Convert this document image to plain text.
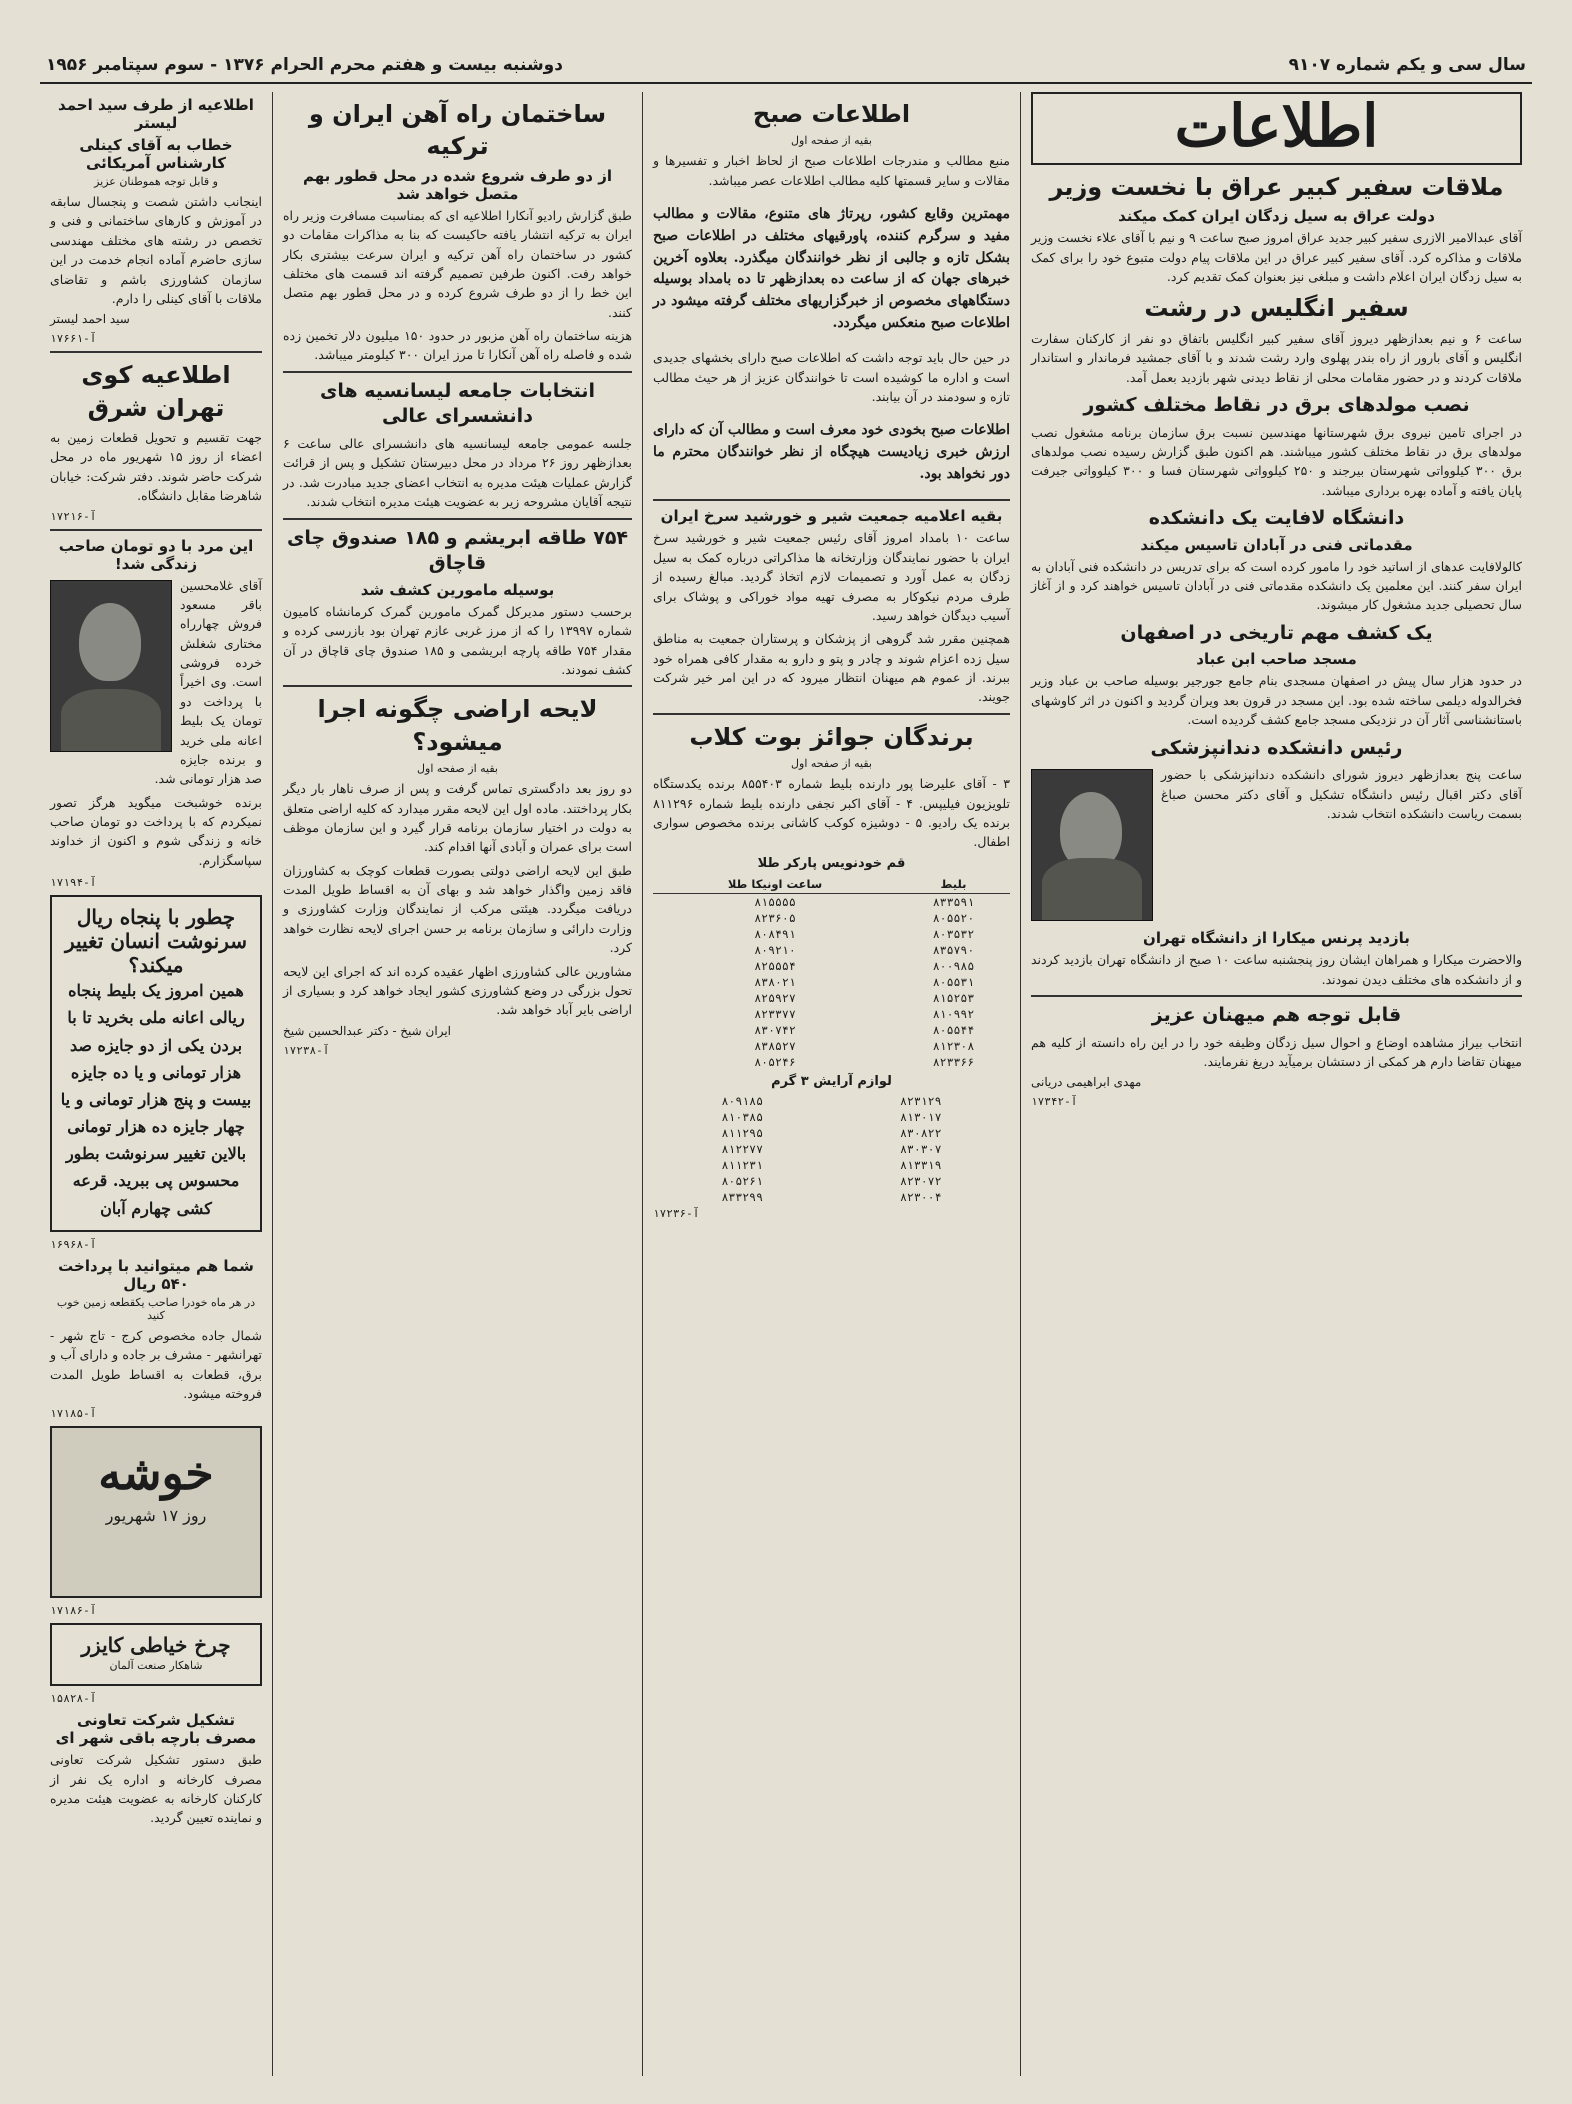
سال سی و یکم شماره ۹۱۰۷
دوشنبه بیست و هفتم محرم الحرام ۱۳۷۶ - سوم سپتامبر ۱۹۵۶
اطلاعات
ملاقات سفیر کبیر عراق با نخست وزیر
دولت عراق به سیل زدگان ایران کمک میکند

آقای عبدالامیر الازری سفیر کبیر جدید عراق امروز صبح ساعت ۹ و نیم با آقای علاء نخست وزیر ملاقات و مذاکره کرد. آقای سفیر کبیر عراق در این ملاقات پیام دولت متبوع خود را برای کمک به سیل زدگان ایران اعلام داشت و مبلغی نیز بعنوان کمک تقدیم کرد.

سفیر انگلیس در رشت

ساعت ۶ و نیم بعدازظهر دیروز آقای سفیر کبیر انگلیس باتفاق دو نفر از کارکنان سفارت انگلیس و آقای بارور از راه بندر پهلوی وارد رشت شدند و با آقای جمشید فرماندار و استاندار ملاقات کردند و در حضور مقامات محلی از نقاط دیدنی شهر بازدید بعمل آمد.

نصب مولدهای برق در نقاط مختلف کشور

در اجرای تامین نیروی برق شهرستانها مهندسین نسبت برق سازمان برنامه مشغول نصب مولدهای برق در نقاط مختلف کشور میباشند. هم اکنون طبق گزارش رسیده نصب مولدهای برق ۳۰۰ کیلوواتی شهرستان بیرجند و ۲۵۰ کیلوواتی شهرستان فسا و ۳۰۰ کیلوواتی جیرفت پایان یافته و آماده بهره برداری میباشد.

دانشگاه لافایت یک دانشکده
مقدماتی فنی در آبادان تاسیس میکند

کالولافایت عدهای از اساتید خود را مامور کرده است که برای تدریس در دانشکده فنی آبادان به ایران سفر کنند. این معلمین یک دانشکده مقدماتی فنی در آبادان تاسیس خواهند کرد و از آغاز سال تحصیلی جدید مشغول کار میشوند.

یک کشف مهم تاریخی در اصفهان
مسجد صاحب ابن عباد

در حدود هزار سال پیش در اصفهان مسجدی بنام جامع جورجیر بوسیله صاحب بن عباد وزیر فخرالدوله دیلمی ساخته شده بود. این مسجد در قرون بعد ویران گردید و اکنون در اثر کاوشهای باستانشناسی آثار آن در نزدیکی مسجد جامع کشف گردیده است.

رئیس دانشکده دندانپزشکی

ساعت پنج بعدازظهر دیروز شورای دانشکده دندانپزشکی با حضور آقای دکتر اقبال رئیس دانشگاه تشکیل و آقای دکتر محسن صباغ بسمت ریاست دانشکده انتخاب شدند.

بازدید پرنس میکارا از دانشگاه تهران

والاحضرت میکارا و همراهان ایشان روز پنجشنبه ساعت ۱۰ صبح از دانشگاه تهران بازدید کردند و از دانشکده های مختلف دیدن نمودند.

قابل توجه هم میهنان عزیز

انتخاب بیراز مشاهده اوضاع و احوال سیل زدگان وظیفه خود را در این راه دانسته از کلیه هم میهنان تقاضا دارم هر کمکی از دستشان برمیآید دریغ نفرمایند.

مهدی ابراهیمی دریانی
آ-۱۷۳۴۲
اطلاعات صبح
بقیه از صفحه اول

منبع مطالب و مندرجات اطلاعات صبح از لحاظ اخبار و تفسیرها و مقالات و سایر قسمتها کلیه مطالب اطلاعات عصر میباشد.

مهمترین وقایع کشور، رپرتاژ های متنوع، مقالات و مطالب مفید و سرگرم کننده، پاورقیهای مختلف در اطلاعات صبح بشکل تازه و جالبی از نظر خوانندگان میگذرد. بعلاوه آخرین خبرهای جهان که از ساعت ده بعدازظهر تا ده بامداد بوسیله دستگاههای مخصوص از خبرگزاریهای مختلف گرفته میشود در اطلاعات صبح منعکس میگردد.

در حین حال باید توجه داشت که اطلاعات صبح دارای بخشهای جدیدی است و اداره ما کوشیده است تا خوانندگان عزیز از هر حیث مطالب تازه و سودمند در آن بیابند.

اطلاعات صبح بخودی خود معرف است و مطالب آن که دارای ارزش خبری زیادیست هیچگاه از نظر خوانندگان محترم ما دور نخواهد بود.

بقیه اعلامیه جمعیت شیر و خورشید سرخ ایران

ساعت ۱۰ بامداد امروز آقای رئیس جمعیت شیر و خورشید سرخ ایران با حضور نمایندگان وزارتخانه ها مذاکراتی درباره کمک به سیل زدگان به عمل آورد و تصمیمات لازم اتخاذ گردید. مبالغ رسیده از طرف مردم نیکوکار به مصرف تهیه مواد خوراکی و پوشاک برای آسیب دیدگان خواهد رسید.

همچنین مقرر شد گروهی از پزشکان و پرستاران جمعیت به مناطق سیل زده اعزام شوند و چادر و پتو و دارو به مقدار کافی همراه خود ببرند. از عموم هم میهنان انتظار میرود که در این امر خیر شرکت جویند.

برندگان جوائز بوت کلاب
بقیه از صفحه اول

۳ - آقای علیرضا پور دارنده بلیط شماره ۸۵۵۴۰۳ برنده یکدستگاه تلویزیون فیلیپس. ۴ - آقای اکبر نجفی دارنده بلیط شماره ۸۱۱۲۹۶ برنده یک رادیو. ۵ - دوشیزه کوکب کاشانی برنده مخصوص سواری اطفال.

قم خودنویس پارکر طلا
ساعت اونیکا طلا	بلیط
۸۱۵۵۵۵	۸۳۳۵۹۱
۸۲۳۶۰۵	۸۰۵۵۲۰
۸۰۸۴۹۱	۸۰۳۵۳۲
۸۰۹۲۱۰	۸۳۵۷۹۰
۸۲۵۵۵۴	۸۰۰۹۸۵
۸۳۸۰۲۱	۸۰۵۵۳۱
۸۲۵۹۲۷	۸۱۵۲۵۳
۸۲۳۳۷۷	۸۱۰۹۹۲
۸۳۰۷۴۲	۸۰۵۵۴۴
۸۳۸۵۲۷	۸۱۲۳۰۸
۸۰۵۲۴۶	۸۲۳۳۶۶
لوازم آرایش ۳ گرم
۸۰۹۱۸۵	۸۲۳۱۲۹
۸۱۰۳۸۵	۸۱۳۰۱۷
۸۱۱۲۹۵	۸۳۰۸۲۲
۸۱۲۲۷۷	۸۳۰۳۰۷
۸۱۱۲۳۱	۸۱۳۳۱۹
۸۰۵۲۶۱	۸۲۳۰۷۲
۸۳۳۲۹۹	۸۲۳۰۰۴
آ-۱۷۲۳۶
ساختمان راه آهن ایران و ترکیه
از دو طرف شروع شده در محل قطور بهم متصل خواهد شد

طبق گزارش رادیو آنکارا اطلاعیه ای که بمناسبت مسافرت وزیر راه ایران به ترکیه انتشار یافته حاکیست که بنا به مذاکرات مقامات دو کشور در ساختمان راه آهن ترکیه و ایران سرعت بیشتری بکار خواهد رفت. اکنون طرفین تصمیم گرفته اند قسمت های مختلف این خط را از دو طرف شروع کرده و در محل قطور بهم متصل کنند.

هزینه ساختمان راه آهن مزبور در حدود ۱۵۰ میلیون دلار تخمین زده شده و فاصله راه آهن آنکارا تا مرز ایران ۳۰۰ کیلومتر میباشد.

انتخابات جامعه لیسانسیه های دانشسرای عالی

جلسه عمومی جامعه لیسانسیه های دانشسرای عالی ساعت ۶ بعدازظهر روز ۲۶ مرداد در محل دبیرستان تشکیل و پس از قرائت گزارش عملیات هیئت مدیره به انتخاب اعضای جدید مبادرت شد. در نتیجه آقایان مشروحه زیر به عضویت هیئت مدیره انتخاب شدند.

۷۵۴ طاقه ابریشم و ۱۸۵ صندوق چای قاچاق
بوسیله مامورین کشف شد

برحسب دستور مدیرکل گمرک مامورین گمرک کرمانشاه کامیون شماره ۱۳۹۹۷ را که از مرز غربی عازم تهران بود بازرسی کرده و مقدار ۷۵۴ طاقه پارچه ابریشمی و ۱۸۵ صندوق چای قاچاق در آن کشف نمودند.

لایحه اراضی چگونه اجرا میشود؟
بقیه از صفحه اول

دو روز بعد دادگستری تماس گرفت و پس از صرف ناهار بار دیگر بکار پرداختند. ماده اول این لایحه مقرر میدارد که کلیه اراضی متعلق به دولت در اختیار سازمان برنامه قرار گیرد و این سازمان موظف است برای عمران و آبادی آنها اقدام کند.

طبق این لایحه اراضی دولتی بصورت قطعات کوچک به کشاورزان فاقد زمین واگذار خواهد شد و بهای آن به اقساط طویل المدت دریافت میگردد. هیئتی مرکب از نمایندگان وزارت کشاورزی و وزارت دارائی و سازمان برنامه بر حسن اجرای لایحه نظارت خواهد کرد.

مشاورین عالی کشاورزی اظهار عقیده کرده اند که اجرای این لایحه تحول بزرگی در وضع کشاورزی کشور ایجاد خواهد کرد و بسیاری از اراضی بایر آباد خواهد شد.

ایران شیخ - دکتر عبدالحسین شیخ
آ-۱۷۲۳۸
اطلاعیه از طرف سید احمد لیستر
خطاب به آقای کینلی کارشناس آمریکائی
و قابل توجه هموطنان عزیز

اینجانب داشتن شصت و پنجسال سابقه در آموزش و کارهای ساختمانی و فنی و تخصص در رشته های مختلف مهندسی سازی حاضرم آماده انجام خدمت در این سازمان کشاورزی باشم و تقاضای ملاقات با آقای کینلی را دارم.

سید احمد لیستر
آ-۱۷۶۶۱
اطلاعیه کوی تهران شرق

جهت تقسیم و تحویل قطعات زمین به اعضاء از روز ۱۵ شهریور ماه در محل شرکت حاضر شوند. دفتر شرکت: خیابان شاهرضا مقابل دانشگاه.

آ-۱۷۲۱۶
این مرد با دو تومان صاحب زندگی شد!

آقای غلامحسین باقر مسعود فروش چهارراه مختاری شغلش خرده فروشی است. وی اخیراً با پرداخت دو تومان یک بلیط اعانه ملی خرید و برنده جایزه صد هزار تومانی شد.

برنده خوشبخت میگوید هرگز تصور نمیکردم که با پرداخت دو تومان صاحب خانه و زندگی شوم و اکنون از خداوند سپاسگزارم.

آ-۱۷۱۹۴
چطور با پنجاه ریال سرنوشت انسان تغییر میکند؟
همین امروز یک بلیط پنجاه ریالی اعانه ملی بخرید تا با بردن یکی از دو جایزه صد هزار تومانی و یا ده جایزه بیست و پنج هزار تومانی و یا چهار جایزه ده هزار تومانی بالاین تغییر سرنوشت بطور محسوس پی ببرید. قرعه کشی چهارم آبان
آ-۱۶۹۶۸
شما هم میتوانید با پرداخت ۵۴۰ ریال
در هر ماه خودرا صاحب یکقطعه زمین خوب کنید

شمال جاده مخصوص کرج - تاج شهر - تهرانشهر - مشرف بر جاده و دارای آب و برق، قطعات به اقساط طویل المدت فروخته میشود.

آ-۱۷۱۸۵
خوشه
روز ۱۷ شهریور
آ-۱۷۱۸۶
چرخ خیاطی کایزر
شاهکار صنعت آلمان
آ-۱۵۸۲۸
تشکیل شرکت تعاونی مصرف بارچه باقی شهر ای

طبق دستور تشکیل شرکت تعاونی مصرف کارخانه و اداره یک نفر از کارکنان کارخانه به عضویت هیئت مدیره و نماینده تعیین گردید.
